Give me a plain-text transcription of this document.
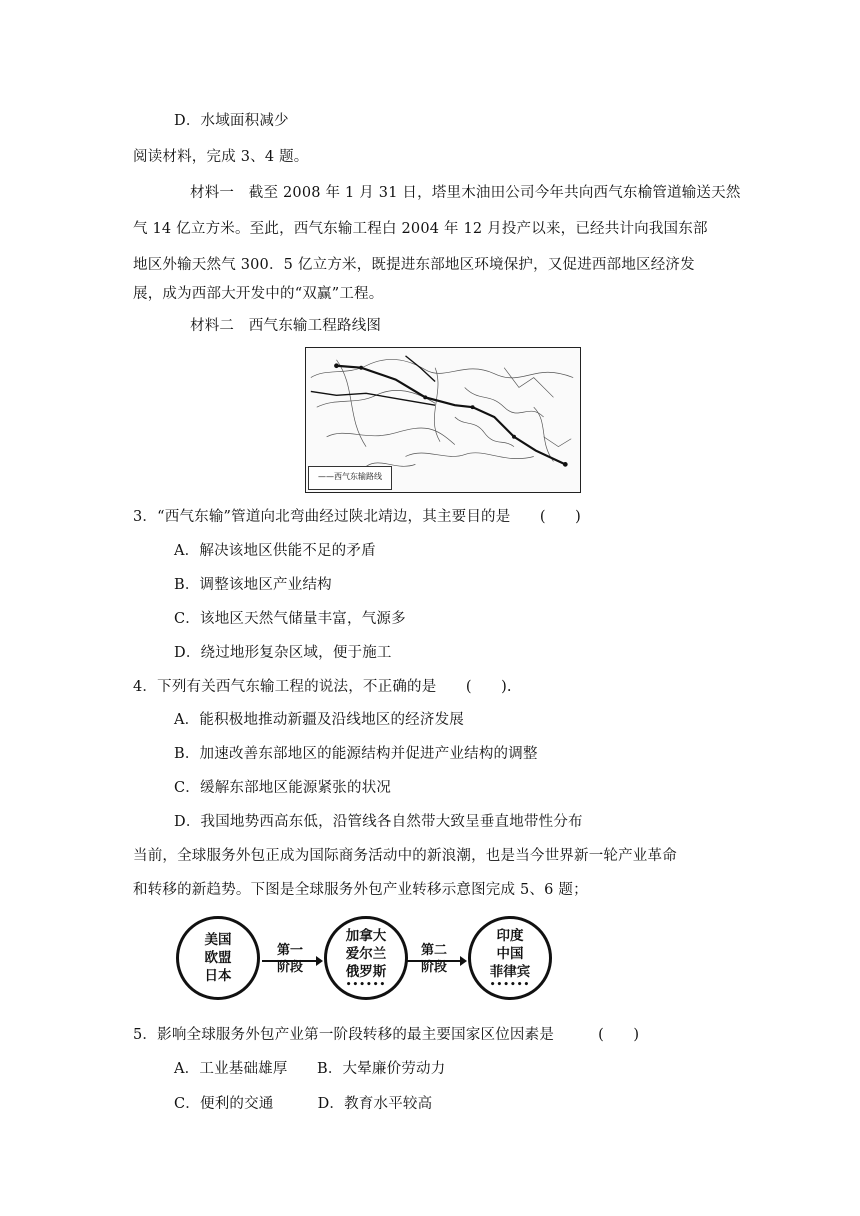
D．水域面积减少
阅读材料，完成 3、4 题。
材料一　截至 2008 年 1 月 31 日，塔里木油田公司今年共向西气东榆管道输送天然
气 14 亿立方米。至此，西气东输工程白 2004 年 12 月投产以来，已经共计向我国东部
地区外输天然气 300．5 亿立方米，既提进东部地区环境保护，又促进西部地区经济发
展，成为西部大开发中的“双赢”工程。
材料二　西气东输工程路线图
——西气东输路线
3．“西气东输”管道向北弯曲经过陕北靖边，其主要目的是　　(　　)
A．解决该地区供能不足的矛盾
B．调整该地区产业结构
C．该地区天然气储量丰富，气源多
D．绕过地形复杂区域，便于施工
4．下列有关西气东输工程的说法，不正确的是　　(　　).
A．能积极地推动新疆及沿线地区的经济发展
B．加速改善东部地区的能源结构并促进产业结构的调整
C．缓解东部地区能源紧张的状况
D．我国地势西高东低，沿管线各自然带大致呈垂直地带性分布
当前，全球服务外包正成为国际商务活动中的新浪潮，也是当今世界新一轮产业革命
和转移的新趋势。下图是全球服务外包产业转移示意图完成 5、6 题；
美国
欧盟
日本
第一
阶段
加拿大
爱尔兰
俄罗斯
••••••
第二
阶段
印度
中国
菲律宾
••••••
5．影响全球服务外包产业第一阶段转移的最主要国家区位因素是　　　(　　)
A．工业基础雄厚　　B．大晕廉价劳动力
C．便利的交通　　　D．教育水平较高
